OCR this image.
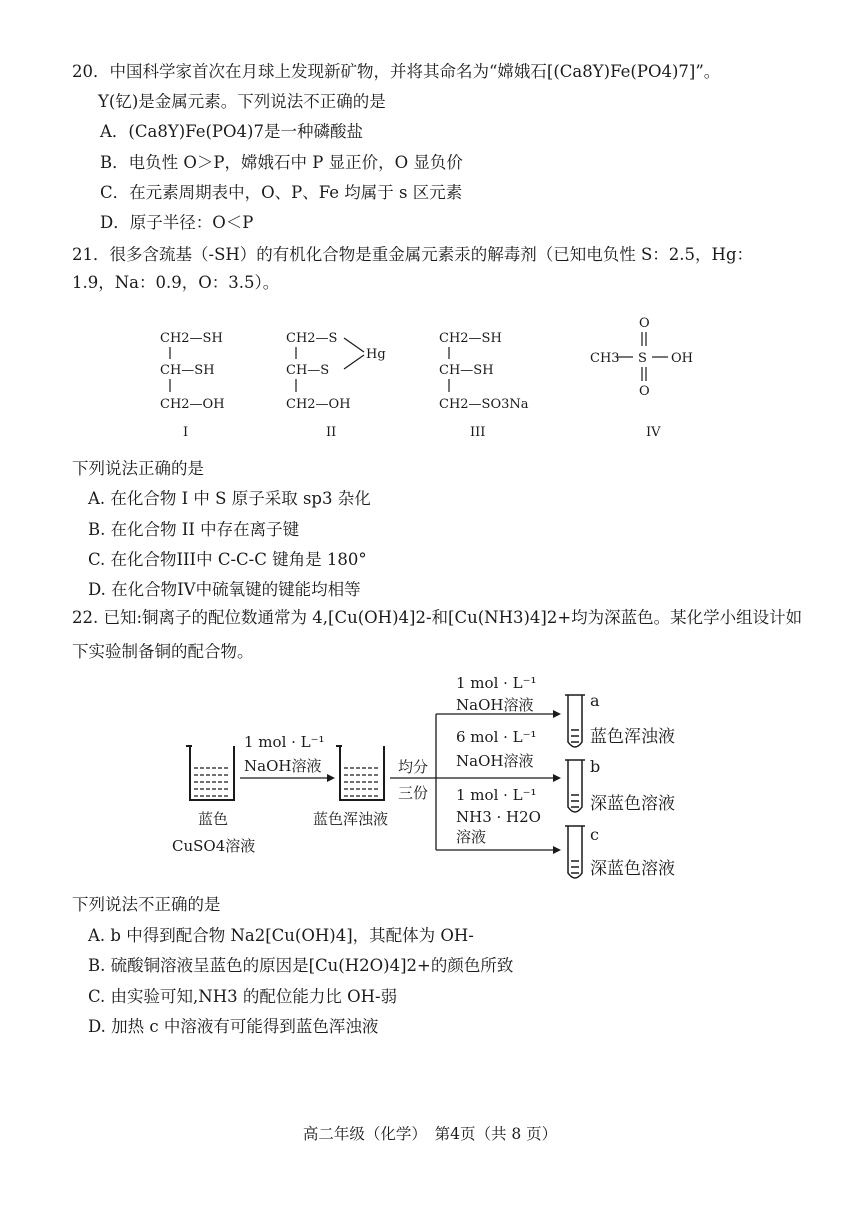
20．中国科学家首次在月球上发现新矿物，并将其命名为“嫦娥石[(Ca8Y)Fe(PO4)7]”。
Y(钇)是金属元素。下列说法不正确的是
A．(Ca8Y)Fe(PO4)7是一种磷酸盐
B．电负性 O＞P，嫦娥石中 P 显正价，O 显负价
C．在元素周期表中，O、P、Fe 均属于 s 区元素
D．原子半径：O＜P
21．很多含巯基（-SH）的有机化合物是重金属元素汞的解毒剂（已知电负性 S：2.5，Hg：
1.9，Na：0.9，O：3.5）。
CH2—SH
CH—SH
CH2—OH
I
CH2—S
CH—S
CH2—OH
Hg
II
CH2—SH
CH—SH
CH2—SO3Na
III
O
CH3 S OH
O
IV
蓝色
CuSO4溶液
1 mol · L⁻¹
NaOH溶液
蓝色浑浊液
均分
三份
1 mol · L⁻¹
NaOH溶液
6 mol · L⁻¹
NaOH溶液
1 mol · L⁻¹
NH3 · H2O
溶液
a
蓝色浑浊液
b
深蓝色溶液
c
深蓝色溶液
下列说法正确的是
A. 在化合物 I 中 S 原子采取 sp3 杂化
B. 在化合物 II 中存在离子键
C. 在化合物III中 C-C-C 键角是 180°
D. 在化合物IV中硫氧键的键能均相等
22. 已知:铜离子的配位数通常为 4,[Cu(OH)4]2-和[Cu(NH3)4]2+均为深蓝色。某化学小组设计如
下实验制备铜的配合物。
下列说法不正确的是
A. b 中得到配合物 Na2[Cu(OH)4]，其配体为 OH-
B. 硫酸铜溶液呈蓝色的原因是[Cu(H2O)4]2+的颜色所致
C. 由实验可知,NH3 的配位能力比 OH-弱
D. 加热 c 中溶液有可能得到蓝色浑浊液
高二年级（化学）　第4页（共 8 页）
